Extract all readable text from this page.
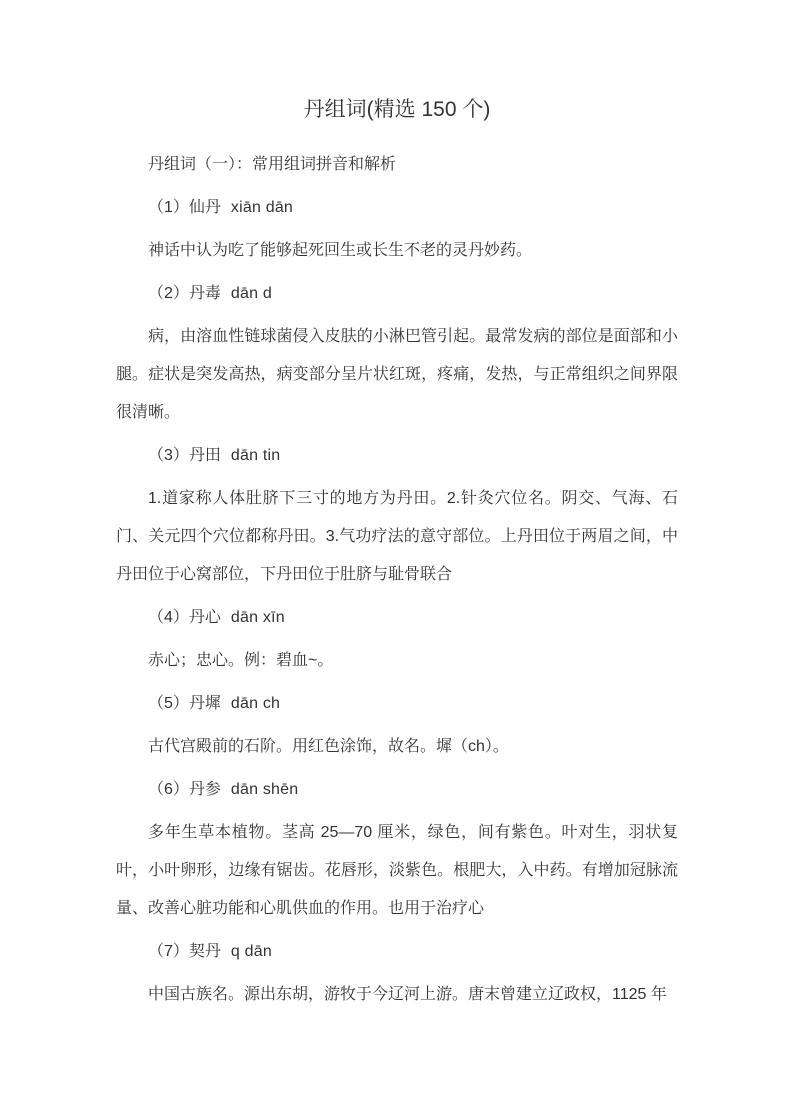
丹组词(精选 150 个)

丹组词（一）：常用组词拼音和解析

（1）仙丹 xiān dān

神话中认为吃了能够起死回生或长生不老的灵丹妙药。

（2）丹毒 dān d

病，由溶血性链球菌侵入皮肤的小淋巴管引起。最常发病的部位是面部和小腿。症状是突发高热，病变部分呈片状红斑，疼痛，发热，与正常组织之间界限很清晰。

（3）丹田 dān tin

1.道家称人体肚脐下三寸的地方为丹田。2.针灸穴位名。阴交、气海、石门、关元四个穴位都称丹田。3.气功疗法的意守部位。上丹田位于两眉之间，中丹田位于心窝部位，下丹田位于肚脐与耻骨联合

（4）丹心 dān xīn

赤心；忠心。例：碧血~。

（5）丹墀 dān ch

古代宫殿前的石阶。用红色涂饰，故名。墀（ch）。

（6）丹参 dān shēn

多年生草本植物。茎高 25—70 厘米，绿色，间有紫色。叶对生，羽状复叶，小叶卵形，边缘有锯齿。花唇形，淡紫色。根肥大，入中药。有增加冠脉流量、改善心脏功能和心肌供血的作用。也用于治疗心

（7）契丹 q dān

中国古族名。源出东胡，游牧于今辽河上游。唐末曾建立辽政权，1125 年
